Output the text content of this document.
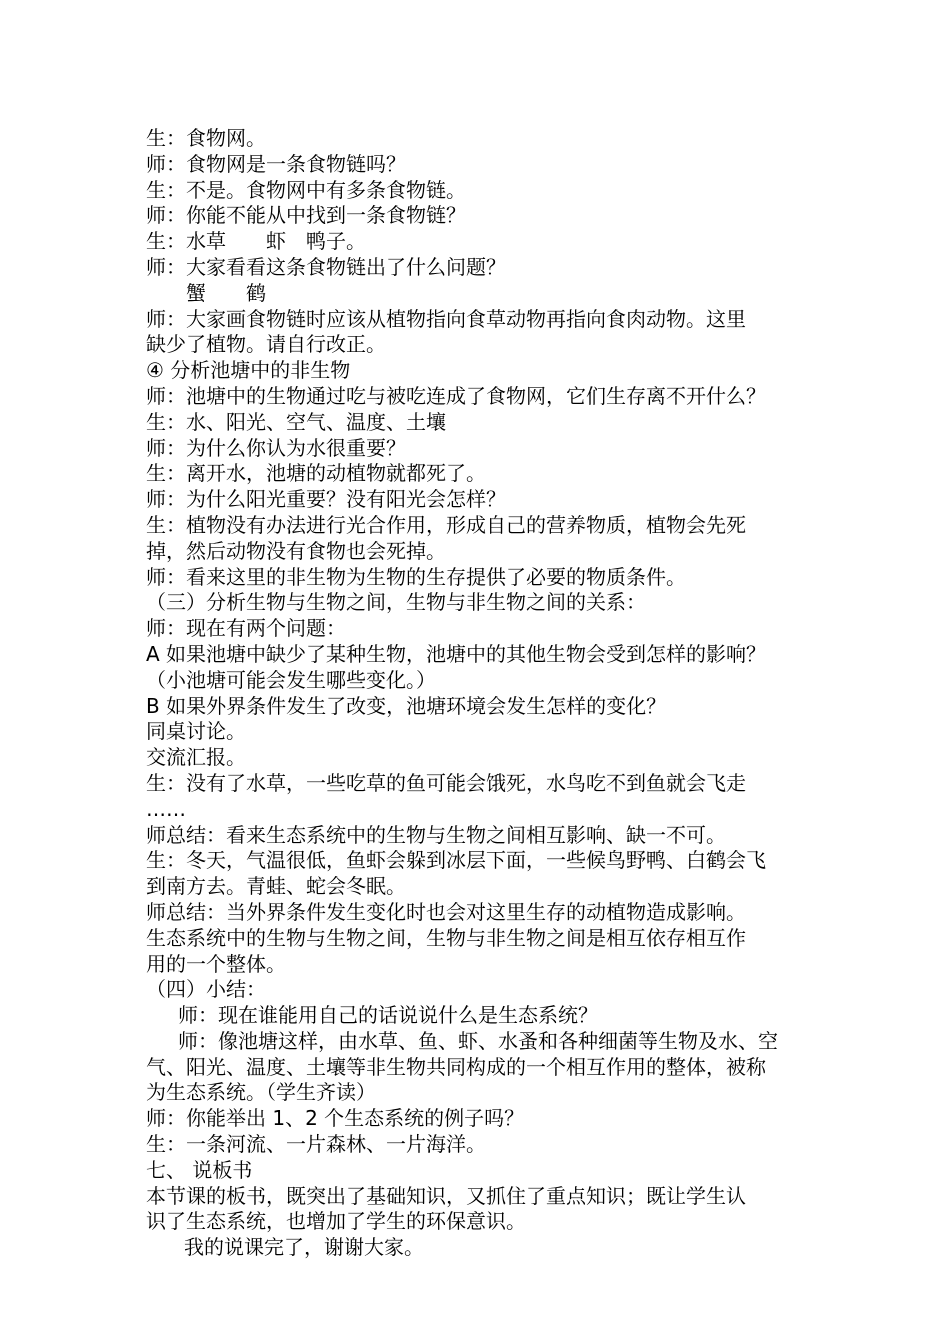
生：食物网。
师：食物网是一条食物链吗？
生：不是。食物网中有多条食物链。
师：你能不能从中找到一条食物链？
生：水草　　虾　鸭子。
师：大家看看这条食物链出了什么问题？
　　蟹　　鹤
师：大家画食物链时应该从植物指向食草动物再指向食肉动物。这里
缺少了植物。请自行改正。
④ 分析池塘中的非生物
师：池塘中的生物通过吃与被吃连成了食物网，它们生存离不开什么？
生：水、阳光、空气、温度、土壤
师：为什么你认为水很重要？
生：离开水，池塘的动植物就都死了。
师：为什么阳光重要？没有阳光会怎样？
生：植物没有办法进行光合作用，形成自己的营养物质，植物会先死
掉，然后动物没有食物也会死掉。
师：看来这里的非生物为生物的生存提供了必要的物质条件。
（三）分析生物与生物之间，生物与非生物之间的关系：
师：现在有两个问题：
A 如果池塘中缺少了某种生物，池塘中的其他生物会受到怎样的影响？
（小池塘可能会发生哪些变化。）
B 如果外界条件发生了改变，池塘环境会发生怎样的变化？
同桌讨论。
交流汇报。
生：没有了水草，一些吃草的鱼可能会饿死，水鸟吃不到鱼就会飞走
……
师总结：看来生态系统中的生物与生物之间相互影响、缺一不可。
生：冬天，气温很低，鱼虾会躲到冰层下面，一些候鸟野鸭、白鹤会飞
到南方去。青蛙、蛇会冬眠。
师总结：当外界条件发生变化时也会对这里生存的动植物造成影响。
生态系统中的生物与生物之间，生物与非生物之间是相互依存相互作
用的一个整体。
（四）小结：
师：现在谁能用自己的话说说什么是生态系统？
师：像池塘这样，由水草、鱼、虾、水蚤和各种细菌等生物及水、空
气、阳光、温度、土壤等非生物共同构成的一个相互作用的整体，被称
为生态系统。（学生齐读）
师：你能举出 1、2 个生态系统的例子吗？
生：一条河流、一片森林、一片海洋。
七、 说板书
本节课的板书，既突出了基础知识，又抓住了重点知识；既让学生认
识了生态系统，也增加了学生的环保意识。
我的说课完了，谢谢大家。
